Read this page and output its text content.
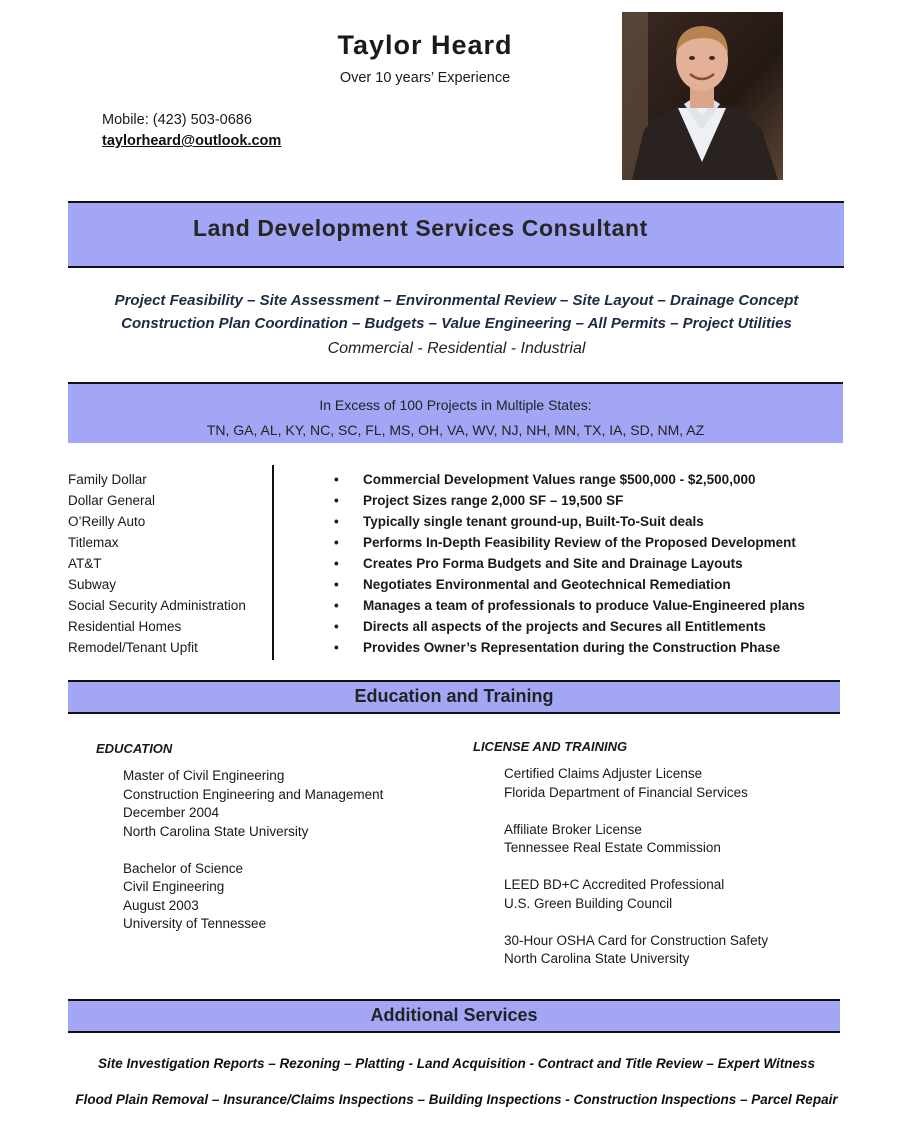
Taylor Heard
Over 10 years’ Experience
Mobile: (423) 503-0686
taylorheard@outlook.com
Land Development Services Consultant
Project Feasibility – Site Assessment – Environmental Review – Site Layout – Drainage Concept
Construction Plan Coordination – Budgets – Value Engineering – All Permits – Project Utilities
Commercial - Residential - Industrial
In Excess of 100 Projects in Multiple States:
TN, GA, AL, KY, NC, SC, FL, MS, OH, VA, WV, NJ, NH, MN, TX, IA, SD, NM, AZ
Family Dollar
Dollar General
O’Reilly Auto
Titlemax
AT&T
Subway
Social Security Administration
Residential Homes
Remodel/Tenant Upfit
• Commercial Development Values range $500,000 - $2,500,000
• Project Sizes range 2,000 SF – 19,500 SF
• Typically single tenant ground-up, Built-To-Suit deals
• Performs In-Depth Feasibility Review of the Proposed Development
• Creates Pro Forma Budgets and Site and Drainage Layouts
• Negotiates Environmental and Geotechnical Remediation
• Manages a team of professionals to produce Value-Engineered plans
• Directs all aspects of the projects and Secures all Entitlements
• Provides Owner’s Representation during the Construction Phase
Education and Training
EDUCATION	LICENSE AND TRAINING
Master of Civil Engineering
Construction Engineering and Management
December 2004
North Carolina State University
Bachelor of Science
Civil Engineering
August 2003
University of Tennessee
Certified Claims Adjuster License
Florida Department of Financial Services
Affiliate Broker License
Tennessee Real Estate Commission
LEED BD+C Accredited Professional
U.S. Green Building Council
30-Hour OSHA Card for Construction Safety
North Carolina State University
Additional Services
Site Investigation Reports – Rezoning – Platting - Land Acquisition - Contract and Title Review – Expert Witness
Flood Plain Removal – Insurance/Claims Inspections – Building Inspections - Construction Inspections – Parcel Repair
